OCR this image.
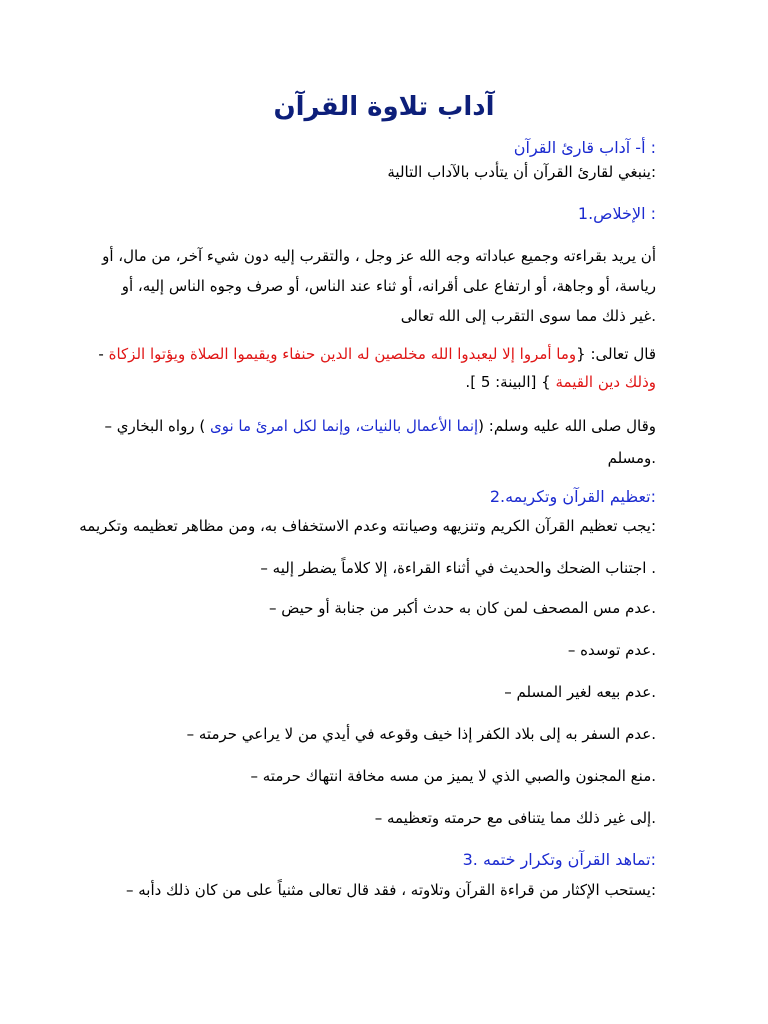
آداب تلاوة القرآن
: أ- آداب قارئ القرآن
:ينبغي لقارئ القرآن أن يتأدب بالآداب التالية
: الإخلاص.1
أن يريد بقراءته وجميع عباداته وجه الله عز وجل ، والتقرب إليه دون شيء آخر، من مال، أو
رياسة، أو وجاهة، أو ارتفاع على أقرانه، أو ثناء عند الناس، أو صرف وجوه الناس إليه، أو
.غير ذلك مما سوى التقرب إلى الله تعالى
قال تعالى: {وما أمروا إلا ليعبدوا الله مخلصين له الدين حنفاء ويقيموا الصلاة ويؤتوا الزكاة -
وذلك دين القيمة } [البينة: 5 ].
وقال صلى الله عليه وسلم: (إنما الأعمال بالنيات، وإنما لكل امرئ ما نوى ) رواه البخاري –
.ومسلم
:تعظيم القرآن وتكريمه.2
:يجب تعظيم القرآن الكريم وتنزيهه وصيانته وعدم الاستخفاف به، ومن مظاهر تعظيمه وتكريمه
. اجتناب الضحك والحديث في أثناء القراءة، إلا كلاماً يضطر إليه –
.عدم مس المصحف لمن كان به حدث أكبر من جنابة أو حيض –
.عدم توسده –
.عدم بيعه لغير المسلم –
.عدم السفر به إلى بلاد الكفر إذا خيف وقوعه في أيدي من لا يراعي حرمته –
.منع المجنون والصبي الذي لا يميز من مسه مخافة انتهاك حرمته –
.إلى غير ذلك مما يتنافى مع حرمته وتعظيمه –
:تماهد القرآن وتكرار ختمه .3
:يستحب الإكثار من قراءة القرآن وتلاوته ، فقد قال تعالى مثنياً على من كان ذلك دأبه –
